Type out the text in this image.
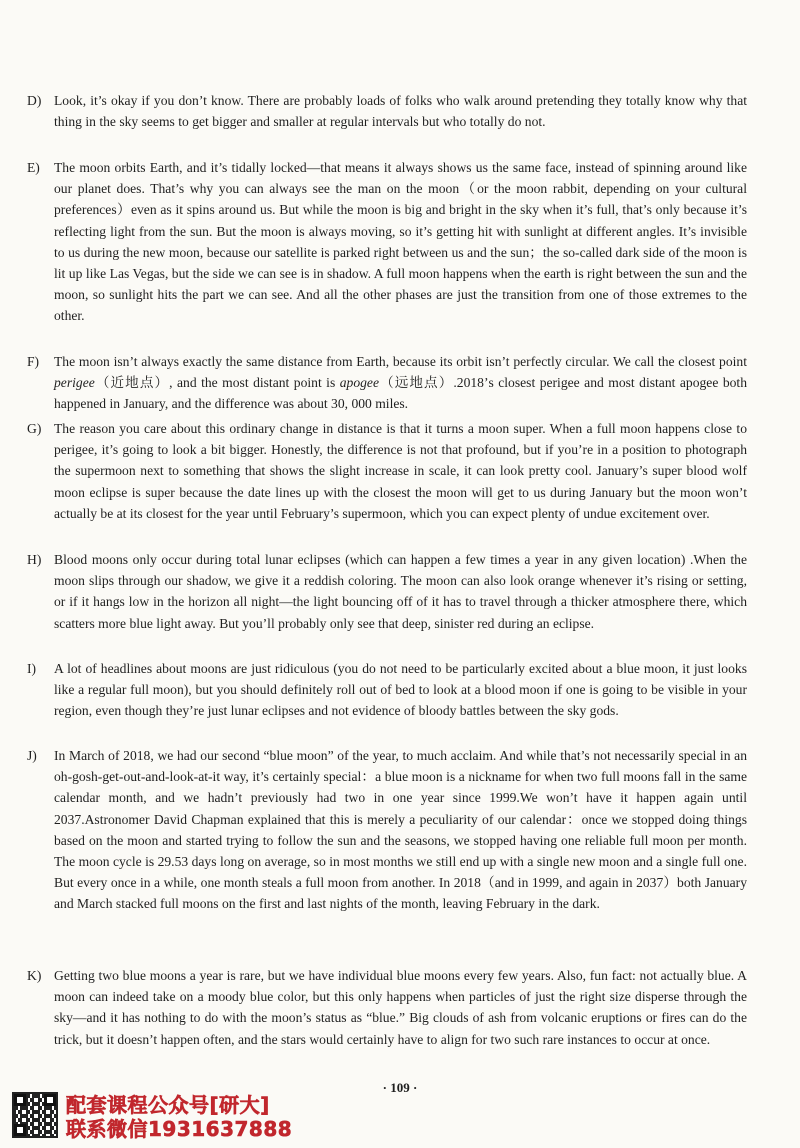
D) Look, it’s okay if you don’t know. There are probably loads of folks who walk around pretending they totally know why that thing in the sky seems to get bigger and smaller at regular intervals but who totally do not.
E) The moon orbits Earth, and it’s tidally locked—that means it always shows us the same face, instead of spinning around like our planet does. That’s why you can always see the man on the moon（or the moon rabbit, depending on your cultural preferences）even as it spins around us. But while the moon is big and bright in the sky when it’s full, that’s only because it’s reflecting light from the sun. But the moon is always moving, so it’s getting hit with sunlight at different angles. It’s invisible to us during the new moon, because our satellite is parked right between us and the sun；the so-called dark side of the moon is lit up like Las Vegas, but the side we can see is in shadow. A full moon happens when the earth is right between the sun and the moon, so sunlight hits the part we can see. And all the other phases are just the transition from one of those extremes to the other.
F) The moon isn’t always exactly the same distance from Earth, because its orbit isn’t perfectly circular. We call the closest point perigee（近地点）, and the most distant point is apogee（远地点）.2018’s closest perigee and most distant apogee both happened in January, and the difference was about 30, 000 miles.
G) The reason you care about this ordinary change in distance is that it turns a moon super. When a full moon happens close to perigee, it’s going to look a bit bigger. Honestly, the difference is not that profound, but if you’re in a position to photograph the supermoon next to something that shows the slight increase in scale, it can look pretty cool. January’s super blood wolf moon eclipse is super because the date lines up with the closest the moon will get to us during January but the moon won’t actually be at its closest for the year until February’s supermoon, which you can expect plenty of undue excitement over.
H) Blood moons only occur during total lunar eclipses (which can happen a few times a year in any given location) .When the moon slips through our shadow, we give it a reddish coloring. The moon can also look orange whenever it’s rising or setting, or if it hangs low in the horizon all night—the light bouncing off of it has to travel through a thicker atmosphere there, which scatters more blue light away. But you’ll probably only see that deep, sinister red during an eclipse.
I) A lot of headlines about moons are just ridiculous (you do not need to be particularly excited about a blue moon, it just looks like a regular full moon), but you should definitely roll out of bed to look at a blood moon if one is going to be visible in your region, even though they’re just lunar eclipses and not evidence of bloody battles between the sky gods.
J) In March of 2018, we had our second “blue moon” of the year, to much acclaim. And while that’s not necessarily special in an oh-gosh-get-out-and-look-at-it way, it’s certainly special：a blue moon is a nickname for when two full moons fall in the same calendar month, and we hadn’t previously had two in one year since 1999.We won’t have it happen again until 2037.Astronomer David Chapman explained that this is merely a peculiarity of our calendar：once we stopped doing things based on the moon and started trying to follow the sun and the seasons, we stopped having one reliable full moon per month. The moon cycle is 29.53 days long on average, so in most months we still end up with a single new moon and a single full one. But every once in a while, one month steals a full moon from another. In 2018（and in 1999, and again in 2037）both January and March stacked full moons on the first and last nights of the month, leaving February in the dark.
K) Getting two blue moons a year is rare, but we have individual blue moons every few years. Also, fun fact: not actually blue. A moon can indeed take on a moody blue color, but this only happens when particles of just the right size disperse through the sky—and it has nothing to do with the moon’s status as “blue.” Big clouds of ash from volcanic eruptions or fires can do the trick, but it doesn’t happen often, and the stars would certainly have to align for two such rare instances to occur at once.
· 109 ·
配套课程公众号[研大]
联系微信1931637888
